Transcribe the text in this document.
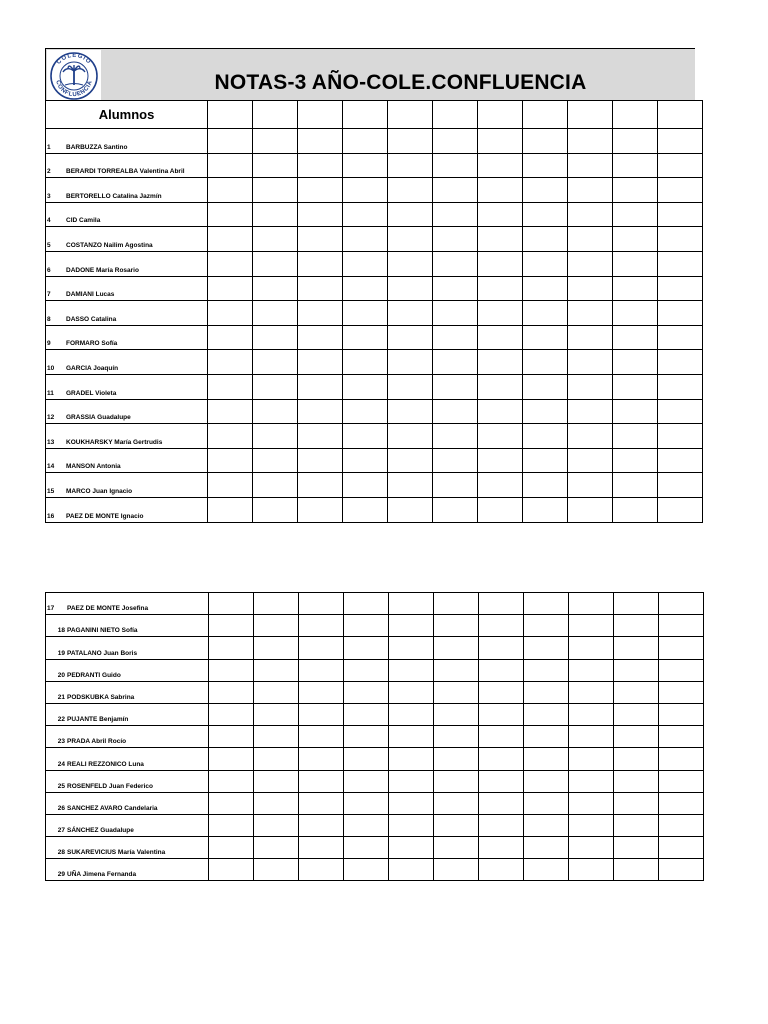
COLEGIO
CONFLUENCIA	NOTAS-3 AÑO-COLE.CONFLUENCIA
Alumnos												
1	BARBUZZA Santino											
2	BERARDI TORREALBA Valentina Abril											
3	BERTORELLO Catalina Jazmín											
4	CID Camila											
5	COSTANZO Nailim Agostina											
6	DADONE María Rosario											
7	DAMIANI Lucas											
8	DASSO Catalina											
9	FORMARO Sofía											
10	GARCIA Joaquín											
11	GRADEL Violeta											
12	GRASSIA Guadalupe											
13	KOUKHARSKY María Gertrudis											
14	MANSON Antonia											
15	MARCO Juan Ignacio											
16	PAEZ DE MONTE Ignacio											
17	PAEZ DE MONTE Josefina											
18	PAGANINI NIETO Sofía											
19	PATALANO Juan Boris											
20	PEDRANTI Guido											
21	PODSKUBKA Sabrina											
22	PUJANTE Benjamín											
23	PRADA Abril Rocío											
24	REALI REZZONICO Luna											
25	ROSENFELD Juan Federico											
26	SANCHEZ AVARO Candelaria											
27	SÁNCHEZ Guadalupe											
28	SUKAREVICIUS María Valentina											
29	UÑA Jimena Fernanda											
